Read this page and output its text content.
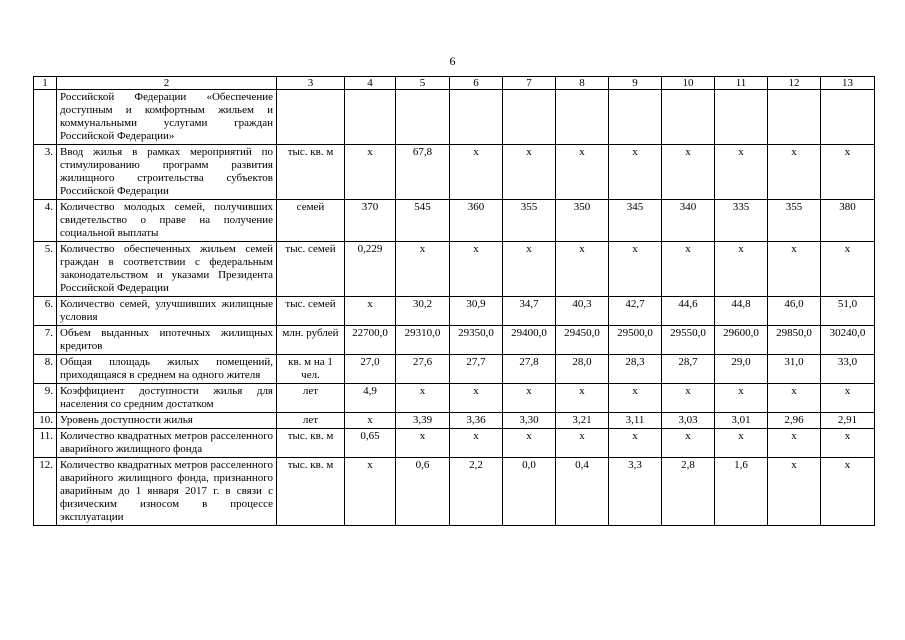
6
1	2	3	4	5	6	7	8	9	10	11	12	13
	Российской Федерации «Обеспечение доступным и комфортным жильем и коммунальными услугами граждан Российской Федерации»											
3.	Ввод жилья в рамках мероприятий по стимулированию программ развития жилищного строительства субъектов Российской Федерации	тыс. кв. м	х	67,8	х	х	х	х	х	х	х	х
4.	Количество молодых семей, получивших свидетельство о праве на получение социальной выплаты	семей	370	545	360	355	350	345	340	335	355	380
5.	Количество обеспеченных жильем семей граждан в соответствии с федеральным законодательством и указами Президента Российской Федерации	тыс. семей	0,229	х	х	х	х	х	х	х	х	х
6.	Количество семей, улучшивших жилищные условия	тыс. семей	х	30,2	30,9	34,7	40,3	42,7	44,6	44,8	46,0	51,0
7.	Объем выданных ипотечных жилищных кредитов	млн. рублей	22700,0	29310,0	29350,0	29400,0	29450,0	29500,0	29550,0	29600,0	29850,0	30240,0
8.	Общая площадь жилых помещений, приходящаяся в среднем на одного жителя	кв. м на 1 чел.	27,0	27,6	27,7	27,8	28,0	28,3	28,7	29,0	31,0	33,0
9.	Коэффициент доступности жилья для населения со средним достатком	лет	4,9	х	х	х	х	х	х	х	х	х
10.	Уровень доступности жилья	лет	х	3,39	3,36	3,30	3,21	3,11	3,03	3,01	2,96	2,91
11.	Количество квадратных метров расселенного аварийного жилищного фонда	тыс. кв. м	0,65	х	х	х	х	х	х	х	х	х
12.	Количество квадратных метров расселенного аварийного жилищного фонда, признанного аварийным до 1 января 2017 г. в связи с физическим износом в процессе эксплуатации	тыс. кв. м	х	0,6	2,2	0,0	0,4	3,3	2,8	1,6	х	х
